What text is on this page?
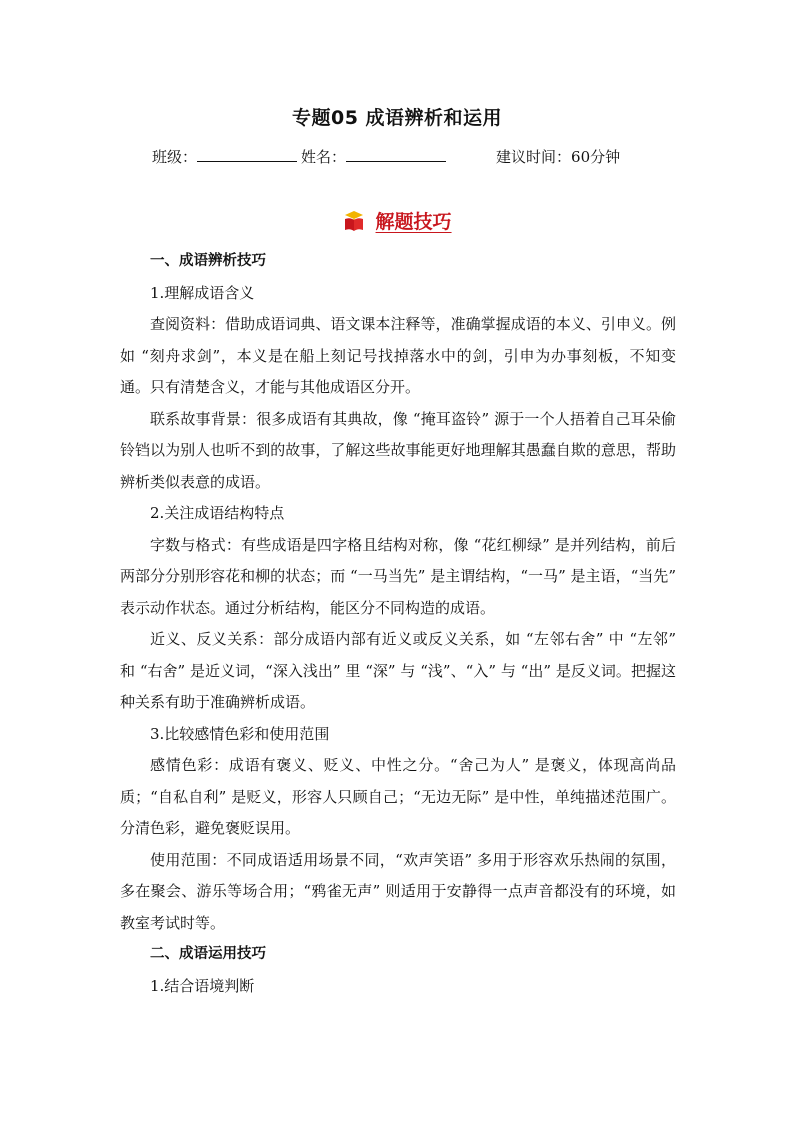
专题05 成语辨析和运用
班级：	姓名：	建议时间：60分钟
解题技巧

一、成语辨析技巧

1.理解成语含义

查阅资料：借助成语词典、语文课本注释等，准确掌握成语的本义、引申义。例如 “刻舟求剑”，本义是在船上刻记号找掉落水中的剑，引申为办事刻板，不知变通。只有清楚含义，才能与其他成语区分开。

联系故事背景：很多成语有其典故，像 “掩耳盗铃” 源于一个人捂着自己耳朵偷铃铛以为别人也听不到的故事，了解这些故事能更好地理解其愚蠢自欺的意思，帮助辨析类似表意的成语。

2.关注成语结构特点

字数与格式：有些成语是四字格且结构对称，像 “花红柳绿” 是并列结构，前后两部分分别形容花和柳的状态；而 “一马当先” 是主谓结构，“一马” 是主语，“当先” 表示动作状态。通过分析结构，能区分不同构造的成语。

近义、反义关系：部分成语内部有近义或反义关系，如 “左邻右舍” 中 “左邻” 和 “右舍” 是近义词，“深入浅出” 里 “深” 与 “浅”、“入” 与 “出” 是反义词。把握这种关系有助于准确辨析成语。

3.比较感情色彩和使用范围

感情色彩：成语有褒义、贬义、中性之分。“舍己为人” 是褒义，体现高尚品质；“自私自利” 是贬义，形容人只顾自己；“无边无际” 是中性，单纯描述范围广。分清色彩，避免褒贬误用。

使用范围：不同成语适用场景不同，“欢声笑语” 多用于形容欢乐热闹的氛围，多在聚会、游乐等场合用；“鸦雀无声” 则适用于安静得一点声音都没有的环境，如教室考试时等。

二、成语运用技巧

1.结合语境判断
